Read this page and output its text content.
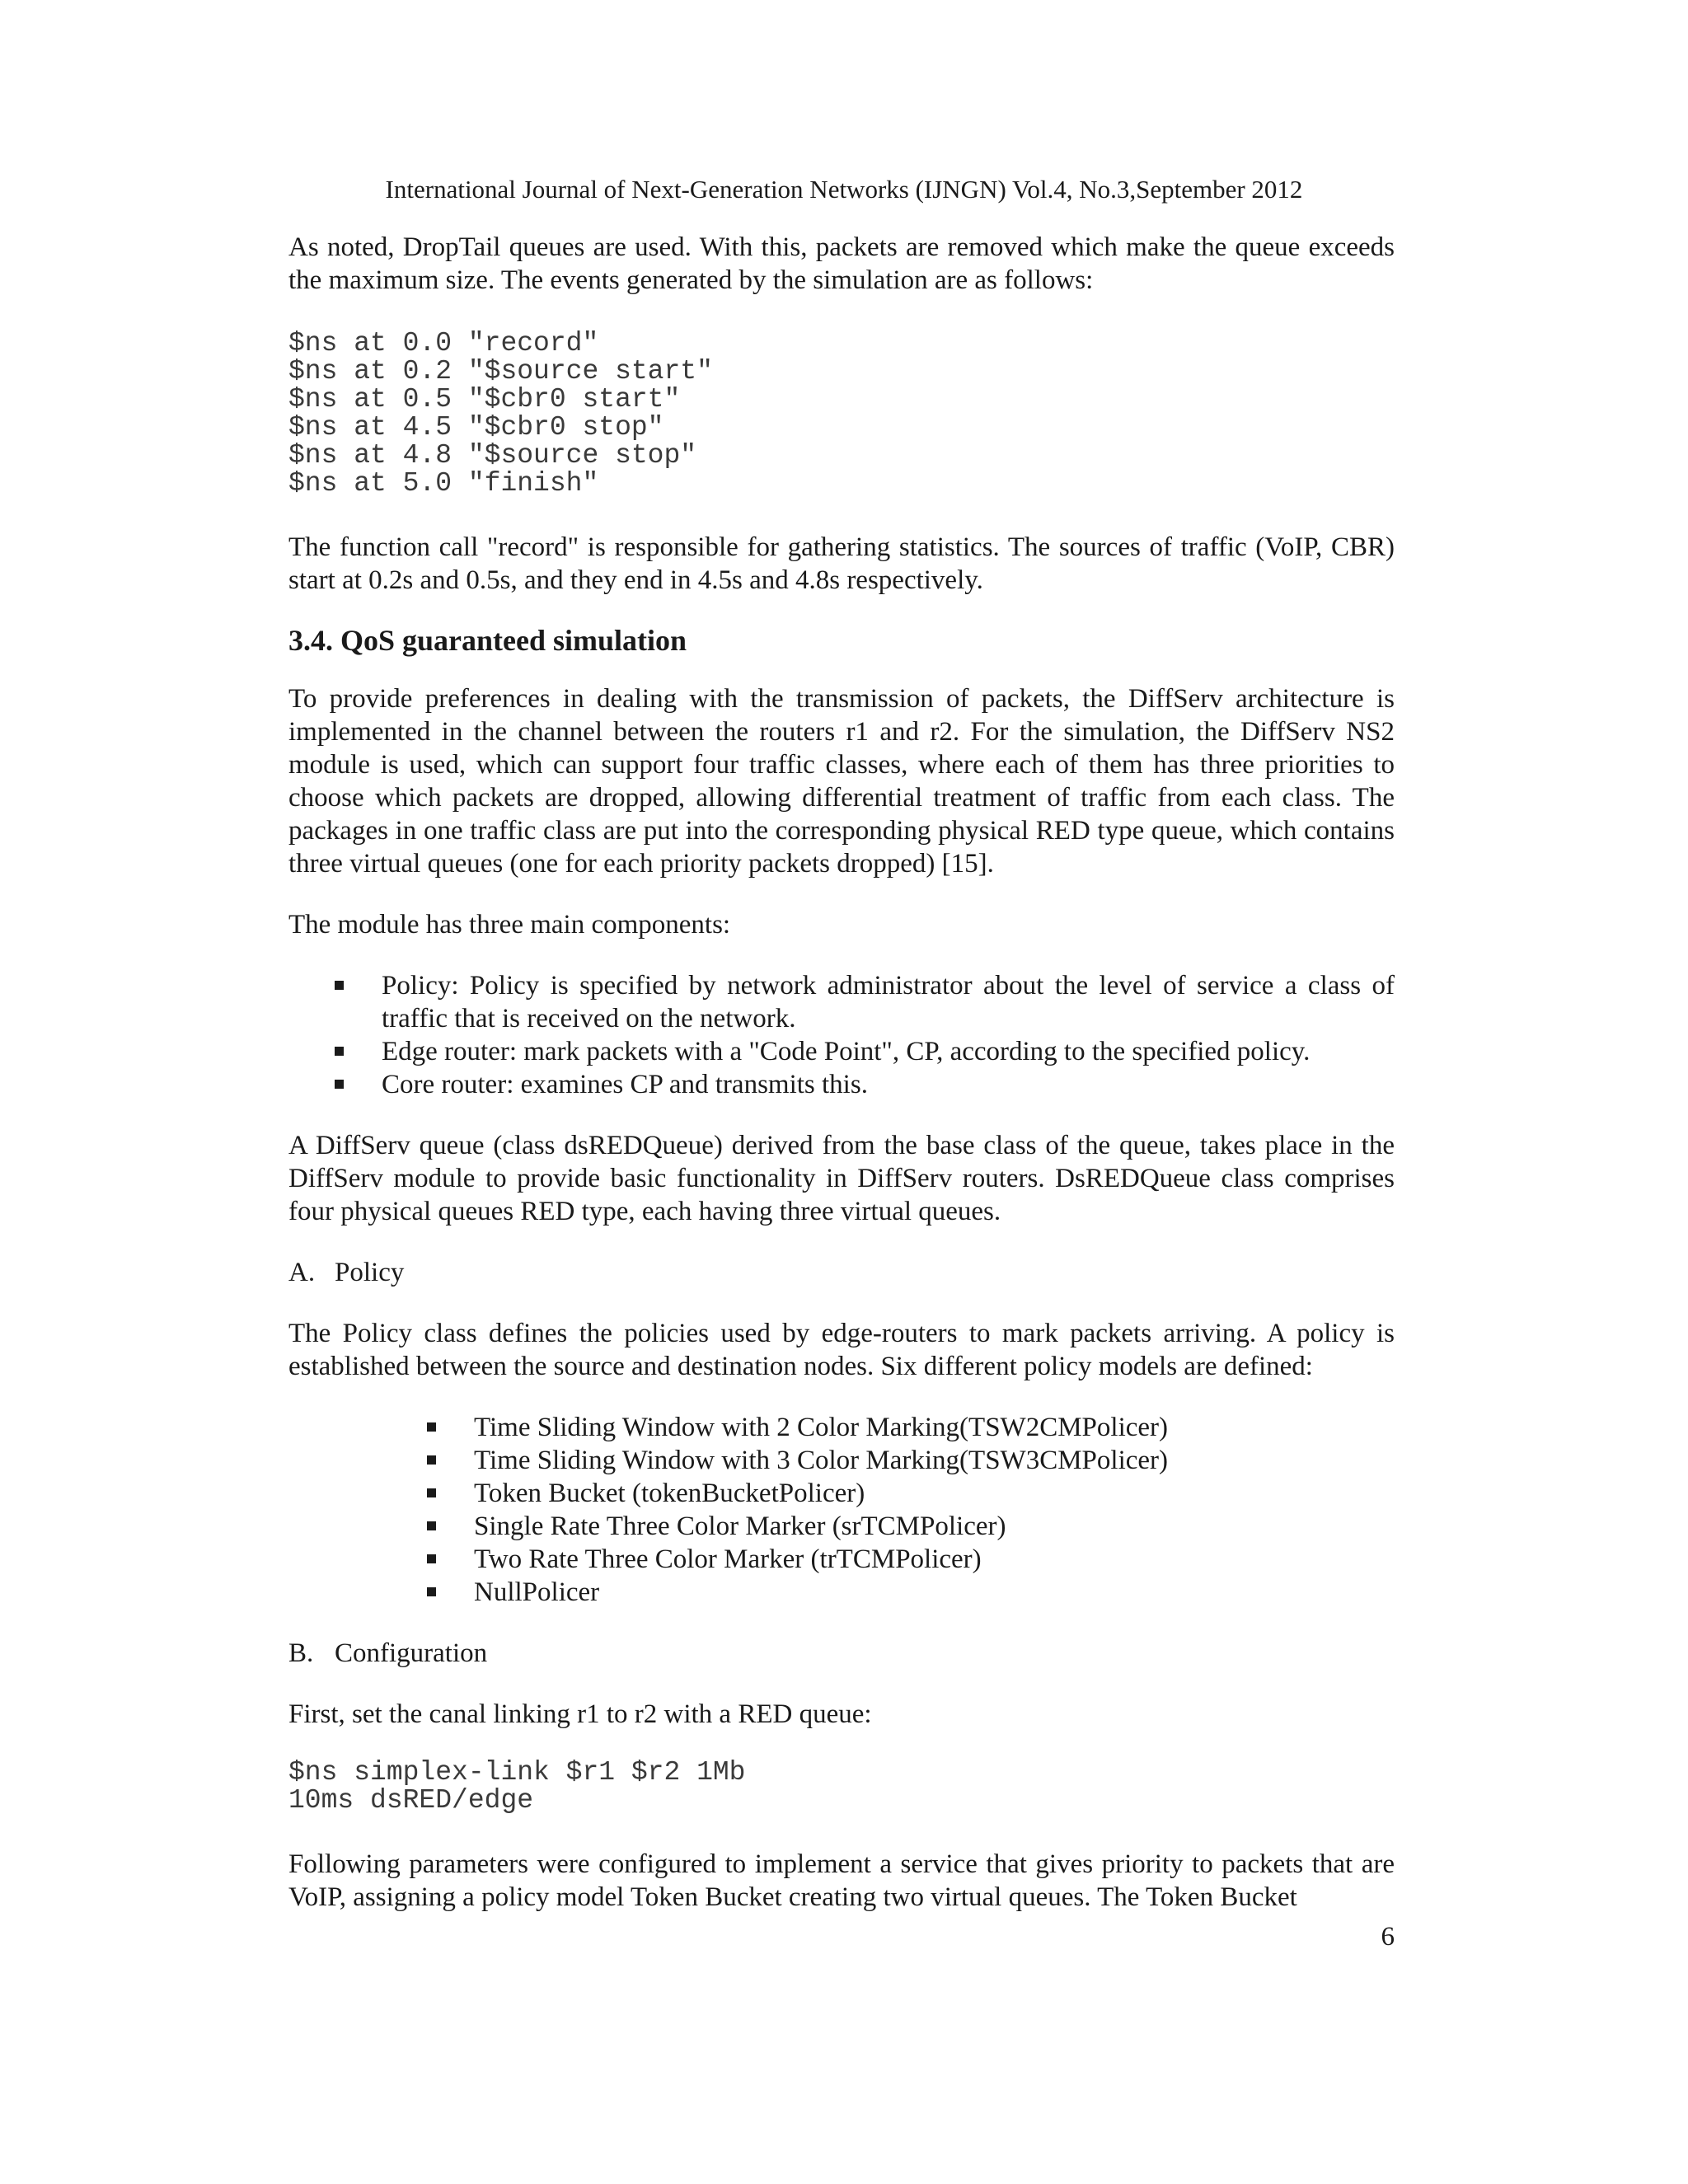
International Journal of Next-Generation Networks (IJNGN) Vol.4, No.3,September 2012

As noted, DropTail queues are used. With this, packets are removed which make the queue exceeds the maximum size. The events generated by the simulation are as follows:

$ns at 0.0 "record"
$ns at 0.2 "$source start"
$ns at 0.5 "$cbr0 start"
$ns at 4.5 "$cbr0 stop"
$ns at 4.8 "$source stop"
$ns at 5.0 "finish"

The function call "record" is responsible for gathering statistics. The sources of traffic (VoIP, CBR) start at 0.2s and 0.5s, and they end in 4.5s and 4.8s respectively.

3.4. QoS guaranteed simulation

To provide preferences in dealing with the transmission of packets, the DiffServ architecture is implemented in the channel between the routers r1 and r2. For the simulation, the DiffServ NS2 module is used, which can support four traffic classes, where each of them has three priorities to choose which packets are dropped, allowing differential treatment of traffic from each class. The packages in one traffic class are put into the corresponding physical RED type queue, which contains three virtual queues (one for each priority packets dropped) [15].

The module has three main components:

Policy: Policy is specified by network administrator about the level of service a class of traffic that is received on the network.
Edge router: mark packets with a "Code Point", CP, according to the specified policy.
Core router: examines CP and transmits this.

A DiffServ queue (class dsREDQueue) derived from the base class of the queue, takes place in the DiffServ module to provide basic functionality in DiffServ routers. DsREDQueue class comprises four physical queues RED type, each having three virtual queues.

A. Policy

The Policy class defines the policies used by edge-routers to mark packets arriving. A policy is established between the source and destination nodes. Six different policy models are defined:

Time Sliding Window with 2 Color Marking(TSW2CMPolicer)
Time Sliding Window with 3 Color Marking(TSW3CMPolicer)
Token Bucket (tokenBucketPolicer)
Single Rate Three Color Marker (srTCMPolicer)
Two Rate Three Color Marker (trTCMPolicer)
NullPolicer

B. Configuration

First, set the canal linking r1 to r2 with a RED queue:

$ns simplex-link $r1 $r2 1Mb
10ms dsRED/edge

Following parameters were configured to implement a service that gives priority to packets that are VoIP, assigning a policy model Token Bucket creating two virtual queues. The Token Bucket

6
